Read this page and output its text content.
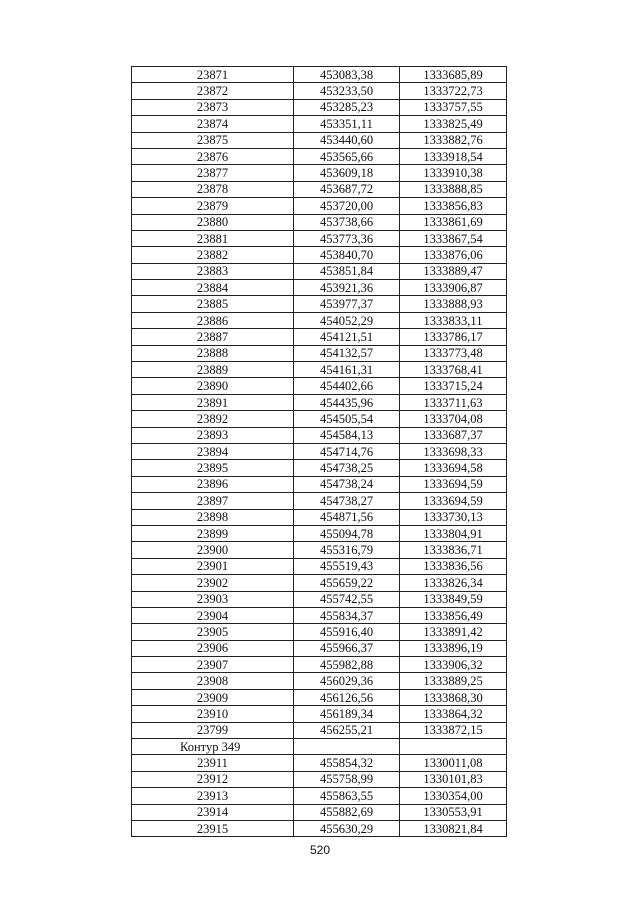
23871	453083,38	1333685,89
23872	453233,50	1333722,73
23873	453285,23	1333757,55
23874	453351,11	1333825,49
23875	453440,60	1333882,76
23876	453565,66	1333918,54
23877	453609,18	1333910,38
23878	453687,72	1333888,85
23879	453720,00	1333856,83
23880	453738,66	1333861,69
23881	453773,36	1333867,54
23882	453840,70	1333876,06
23883	453851,84	1333889,47
23884	453921,36	1333906,87
23885	453977,37	1333888,93
23886	454052,29	1333833,11
23887	454121,51	1333786,17
23888	454132,57	1333773,48
23889	454161,31	1333768,41
23890	454402,66	1333715,24
23891	454435,96	1333711,63
23892	454505,54	1333704,08
23893	454584,13	1333687,37
23894	454714,76	1333698,33
23895	454738,25	1333694,58
23896	454738,24	1333694,59
23897	454738,27	1333694,59
23898	454871,56	1333730,13
23899	455094,78	1333804,91
23900	455316,79	1333836,71
23901	455519,43	1333836,56
23902	455659,22	1333826,34
23903	455742,55	1333849,59
23904	455834,37	1333856,49
23905	455916,40	1333891,42
23906	455966,37	1333896,19
23907	455982,88	1333906,32
23908	456029,36	1333889,25
23909	456126,56	1333868,30
23910	456189,34	1333864,32
23799	456255,21	1333872,15
Контур 349		
23911	455854,32	1330011,08
23912	455758,99	1330101,83
23913	455863,55	1330354,00
23914	455882,69	1330553,91
23915	455630,29	1330821,84
520
